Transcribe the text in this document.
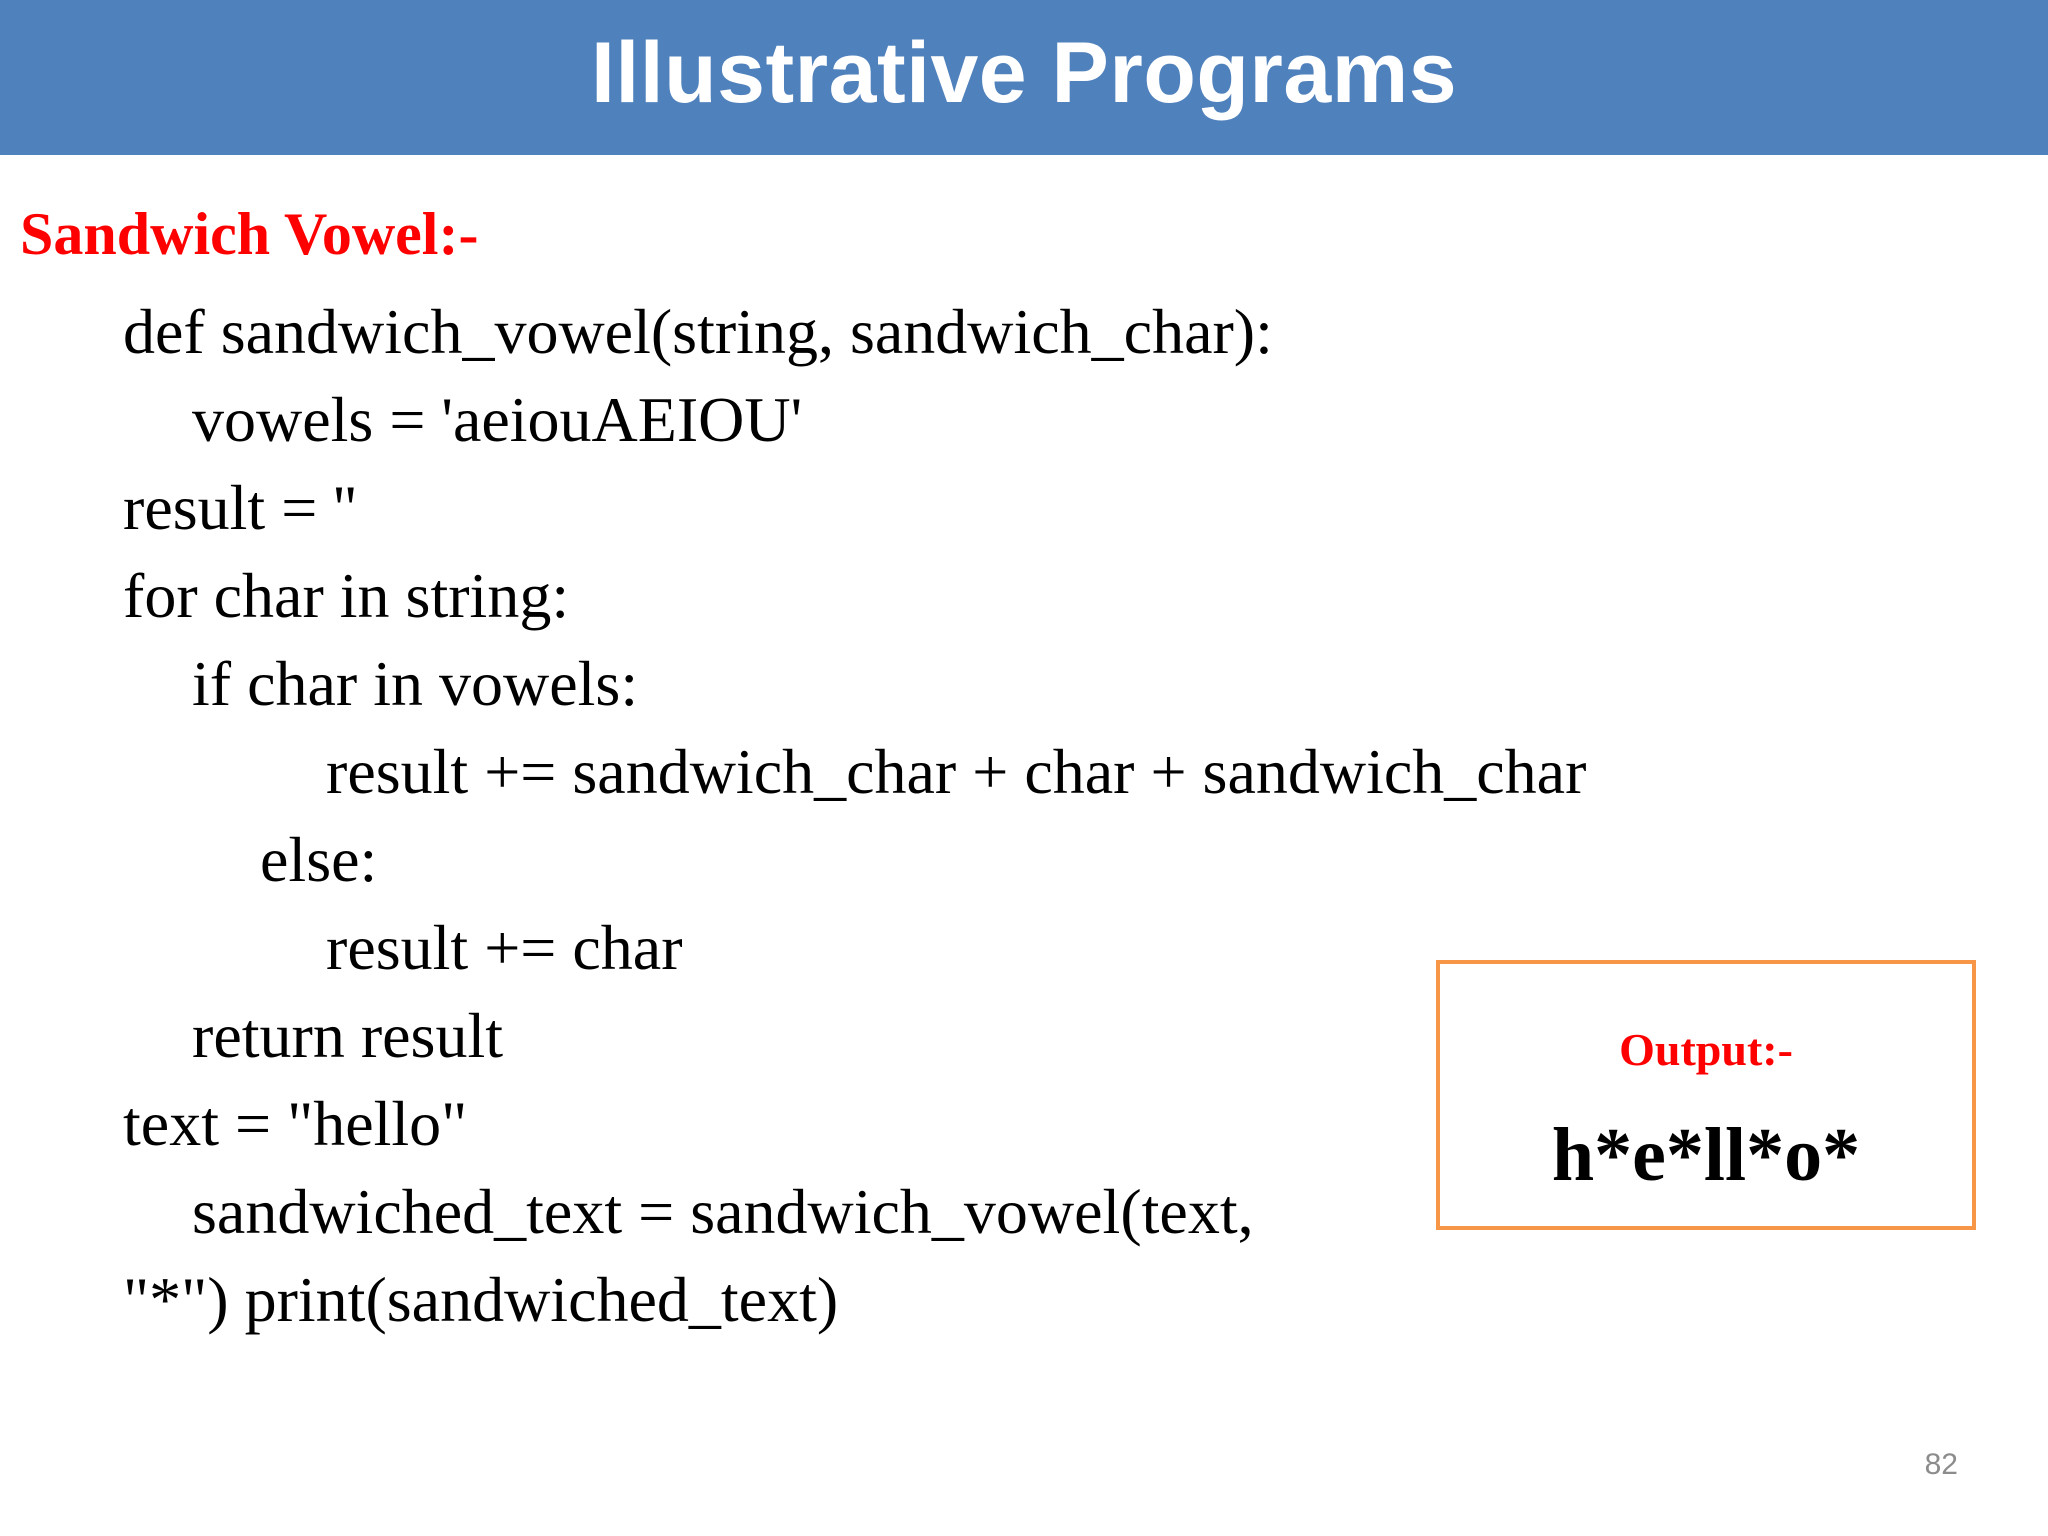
Illustrative Programs
Sandwich Vowel:-
def sandwich_vowel(string, sandwich_char):
vowels = 'aeiouAEIOU'
result = ''
for char in string:
if char in vowels:
result += sandwich_char + char + sandwich_char
else:
result += char
return result
text = "hello"
sandwiched_text = sandwich_vowel(text,
"*") print(sandwiched_text)
Output:-
h*e*ll*o*
82
